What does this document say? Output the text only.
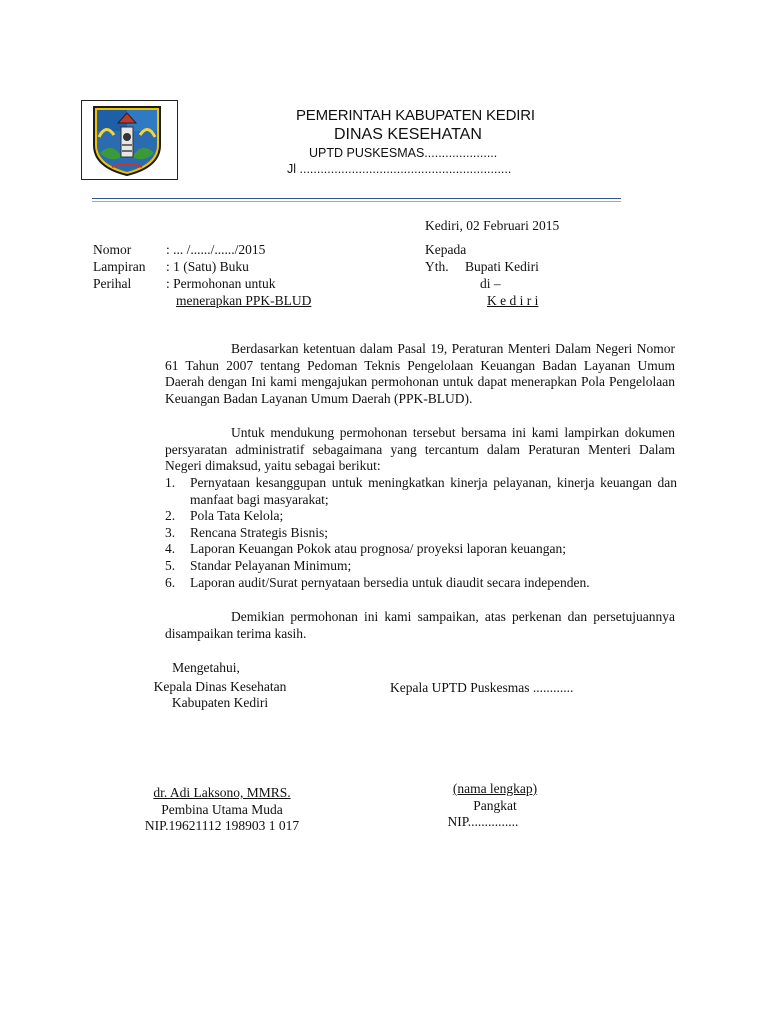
PEMERINTAH KABUPATEN KEDIRI
DINAS KESEHATAN
UPTD PUSKESMAS.....................
Jl .............................................................
Kediri, 02 Februari 2015
Nomor	: ... /....../....../2015
Lampiran : 1 (Satu) Buku
Perihal	: Permohonan untuk
menerapkan PPK-BLUD
Kepada
Yth. Bupati Kediri
di –
K e d i r i
Berdasarkan ketentuan dalam Pasal 19, Peraturan Menteri Dalam Negeri Nomor 61 Tahun 2007 tentang Pedoman Teknis Pengelolaan Keuangan Badan Layanan Umum Daerah dengan Ini kami mengajukan permohonan untuk dapat menerapkan Pola Pengelolaan Keuangan Badan Layanan Umum Daerah (PPK-BLUD).
Untuk mendukung permohonan tersebut bersama ini kami lampirkan dokumen persyaratan administratif sebagaimana yang tercantum dalam Peraturan Menteri Dalam Negeri dimaksud, yaitu sebagai berikut:
1. Pernyataan kesanggupan untuk meningkatkan kinerja pelayanan, kinerja keuangan dan manfaat bagi masyarakat;
2. Pola Tata Kelola;
3. Rencana Strategis Bisnis;
4. Laporan Keuangan Pokok atau prognosa/ proyeksi laporan keuangan;
5. Standar Pelayanan Minimum;
6. Laporan audit/Surat pernyataan bersedia untuk diaudit secara independen.
Demikian permohonan ini kami sampaikan, atas perkenan dan persetujuannya disampaikan terima kasih.
Mengetahui,
Kepala Dinas Kesehatan
Kabupaten Kediri
dr. Adi Laksono, MMRS.
Pembina Utama Muda
NIP.19621112 198903 1 017
Kepala UPTD Puskesmas ............
(nama lengkap)
Pangkat
NIP...............
